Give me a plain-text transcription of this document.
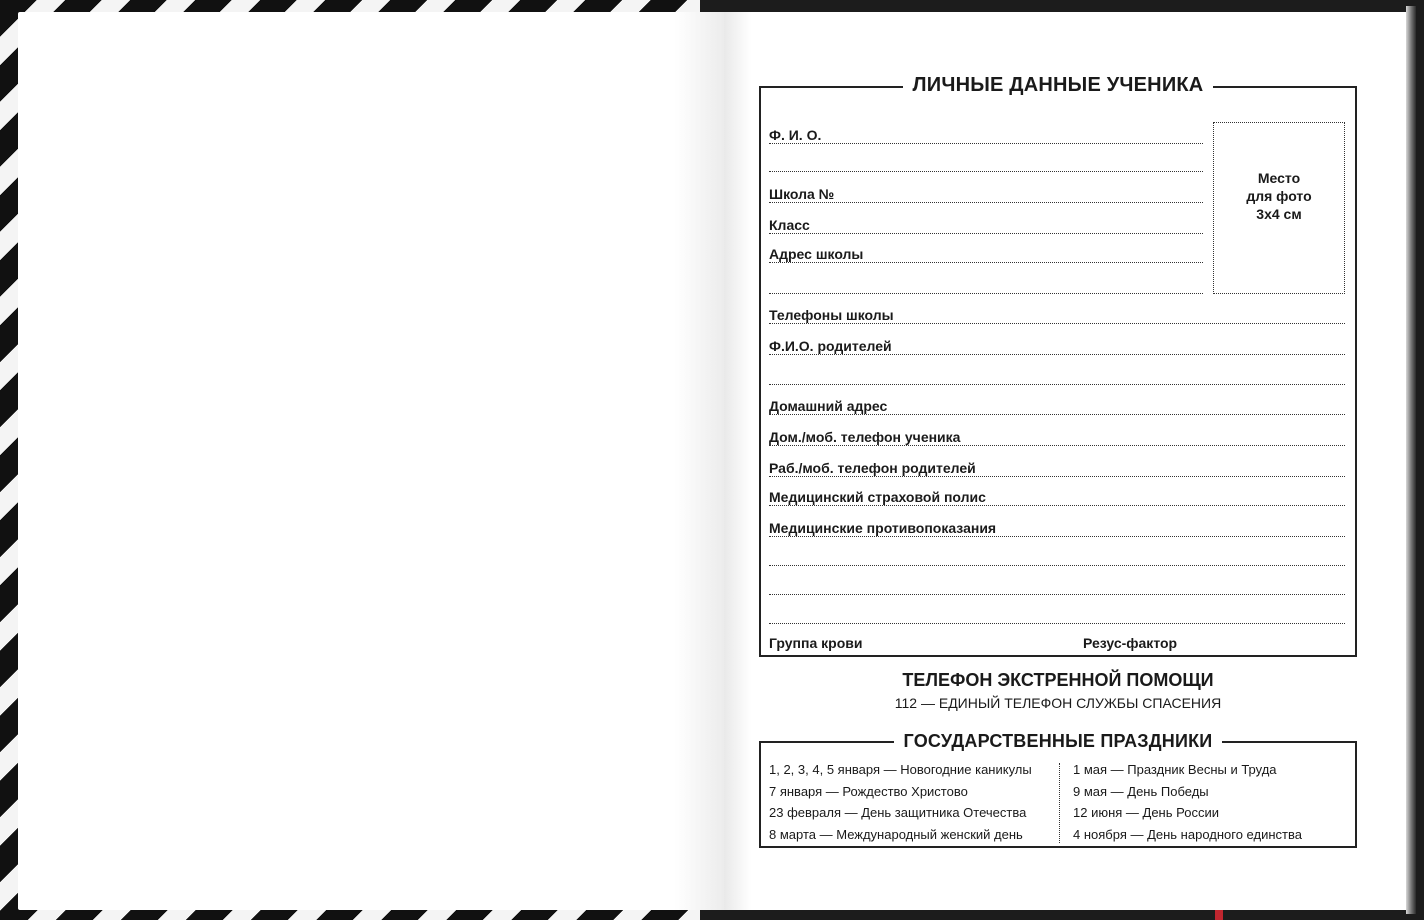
ЛИЧНЫЕ ДАННЫЕ УЧЕНИКА
Ф. И. О.
Школа №
Класс
Адрес школы
Место
для фото
3х4 см
Телефоны школы
Ф.И.О. родителей
Домашний адрес
Дом./моб. телефон ученика
Раб./моб. телефон родителей
Медицинский страховой полис
Медицинские противопоказания
Группа крови	Резус-фактор
ТЕЛЕФОН ЭКСТРЕННОЙ ПОМОЩИ
112 — ЕДИНЫЙ ТЕЛЕФОН СЛУЖБЫ СПАСЕНИЯ
ГОСУДАРСТВЕННЫЕ ПРАЗДНИКИ
1, 2, 3, 4, 5 января — Новогодние каникулы
7 января — Рождество Христово
23 февраля — День защитника Отечества
8 марта — Международный женский день
1 мая — Праздник Весны и Труда
9 мая — День Победы
12 июня — День России
4 ноября — День народного единства
